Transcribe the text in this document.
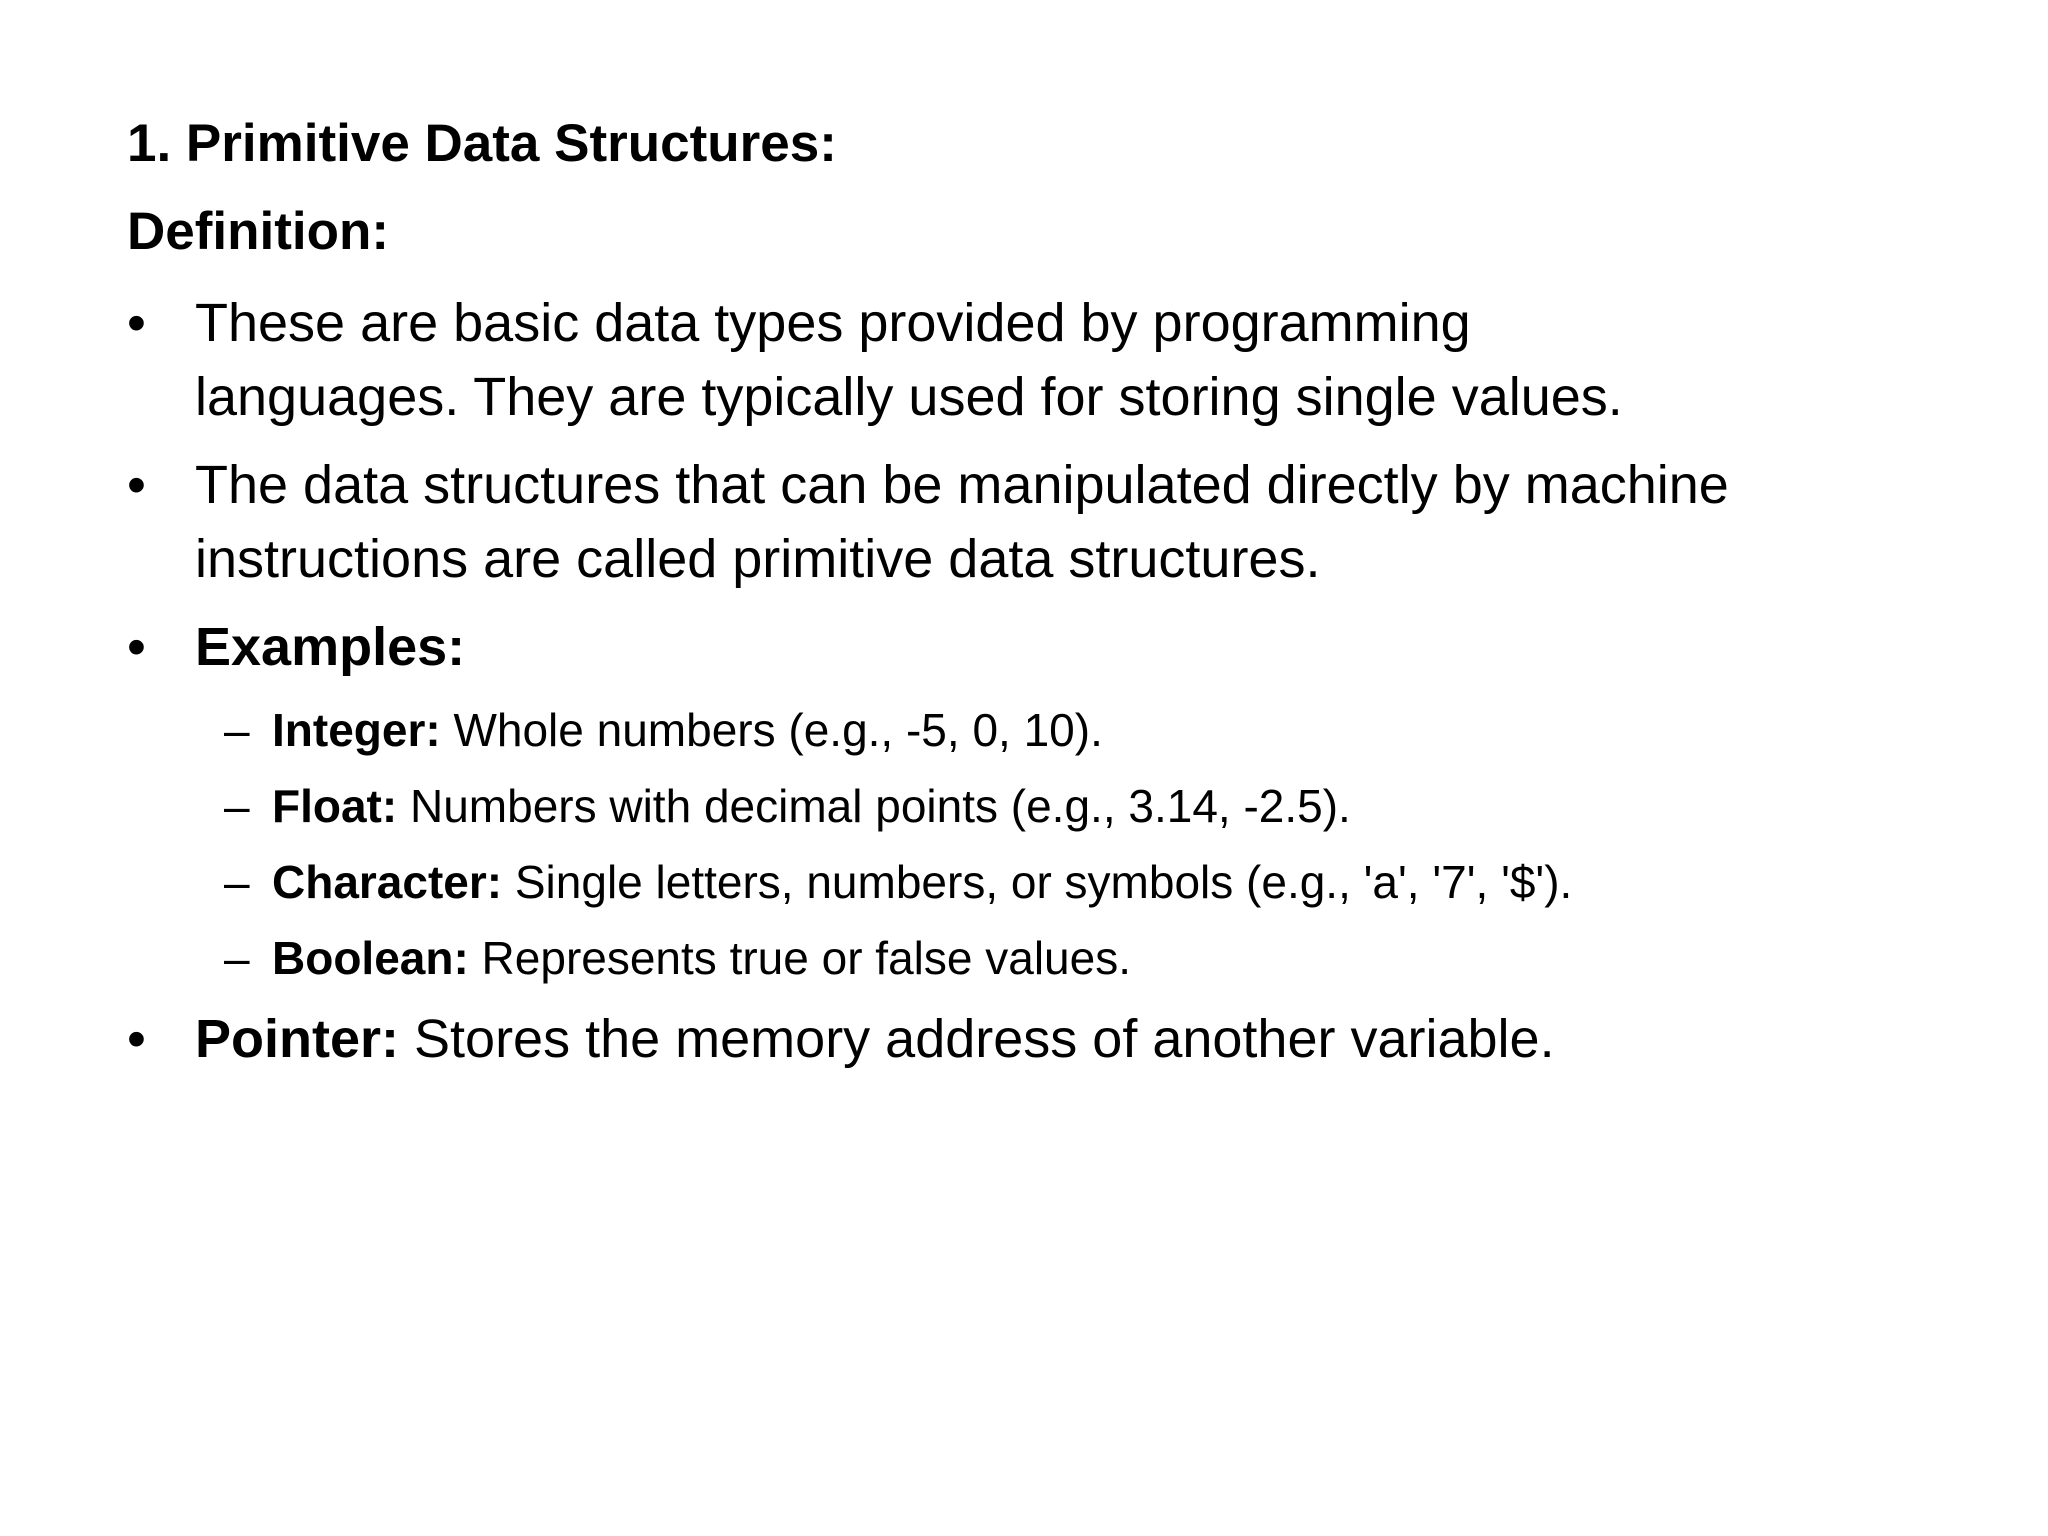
1. Primitive Data Structures:
Definition:
• These are basic data types provided by programming languages. They are typically used for storing single values.
• The data structures that can be manipulated directly by machine instructions are called primitive data structures.
• Examples:
– Integer: Whole numbers (e.g., -5, 0, 10).
– Float: Numbers with decimal points (e.g., 3.14, -2.5).
– Character: Single letters, numbers, or symbols (e.g., 'a', '7', '$').
– Boolean: Represents true or false values.
• Pointer: Stores the memory address of another variable.
